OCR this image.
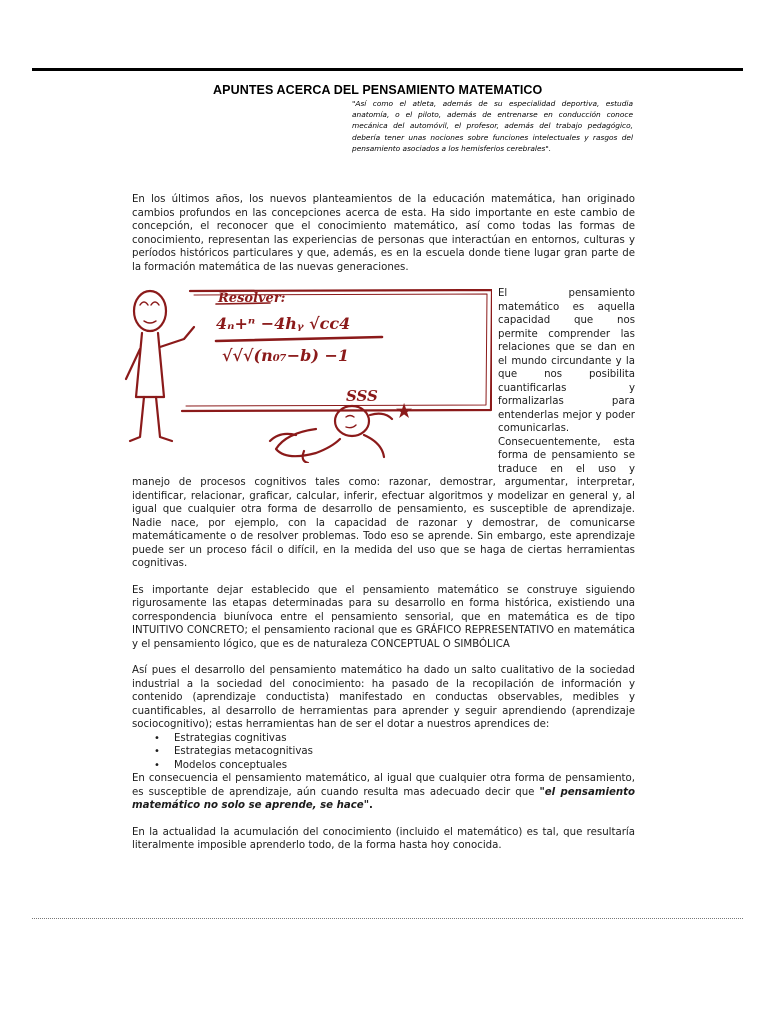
APUNTES ACERCA DEL PENSAMIENTO MATEMATICO

"Así como el atleta, además de su especialidad deportiva, estudia anatomía, o el piloto, además de entrenarse en conducción conoce mecánica del automóvil, el profesor, además del trabajo pedagógico, debería tener unas nociones sobre funciones intelectuales y rasgos del pensamiento asociados a los hemisferios cerebrales".

En los últimos años, los nuevos planteamientos de la educación matemática, han originado cambios profundos en las concepciones acerca de esta. Ha sido importante en este cambio de concepción, el reconocer que el conocimiento matemático, así como todas las formas de conocimiento, representan las experiencias de personas que interactúan en entornos, culturas y períodos históricos particulares y que, además, es en la escuela donde tiene lugar gran parte de la formación matemática de las nuevas generaciones.

Resolver:
4ₙ+ⁿ −4hᵧ √cc4
√√√(n₀₇−b) −1
SSS
★
El pensamiento matemático es aquella capacidad que nos permite comprender las relaciones que se dan en el mundo circundante y la que nos posibilita cuantificarlas y formalizarlas para entenderlas mejor y poder comunicarlas. Consecuentemente, esta forma de pensamiento se traduce en el uso y manejo de procesos cognitivos tales como: razonar, demostrar, argumentar, interpretar, identificar, relacionar, graficar, calcular, inferir, efectuar algoritmos y modelizar en general y, al igual que cualquier otra forma de desarrollo de pensamiento, es susceptible de aprendizaje. Nadie nace, por ejemplo, con la capacidad de razonar y demostrar, de comunicarse matemáticamente o de resolver problemas. Todo eso se aprende. Sin embargo, este aprendizaje puede ser un proceso fácil o difícil, en la medida del uso que se haga de ciertas herramientas cognitivas.

Es importante dejar establecido que el pensamiento matemático se construye siguiendo rigurosamente las etapas determinadas para su desarrollo en forma histórica, existiendo una correspondencia biunívoca entre el pensamiento sensorial, que en matemática es de tipo INTUITIVO CONCRETO; el pensamiento racional que es GRÁFICO REPRESENTATIVO en matemática y el pensamiento lógico, que es de naturaleza CONCEPTUAL O SIMBÓLICA

Así pues el desarrollo del pensamiento matemático ha dado un salto cualitativo de la sociedad industrial a la sociedad del conocimiento: ha pasado de la recopilación de información y contenido (aprendizaje conductista) manifestado en conductas observables, medibles y cuantificables, al desarrollo de herramientas para aprender y seguir aprendiendo (aprendizaje sociocognitivo); estas herramientas han de ser el dotar a nuestros aprendices de:

• Estrategias cognitivas
• Estrategias metacognitivas
• Modelos conceptuales

En consecuencia el pensamiento matemático, al igual que cualquier otra forma de pensamiento, es susceptible de aprendizaje, aún cuando resulta mas adecuado decir que "el pensamiento matemático no solo se aprende, se hace".

En la actualidad la acumulación del conocimiento (incluido el matemático) es tal, que resultaría literalmente imposible aprenderlo todo, de la forma hasta hoy conocida.
